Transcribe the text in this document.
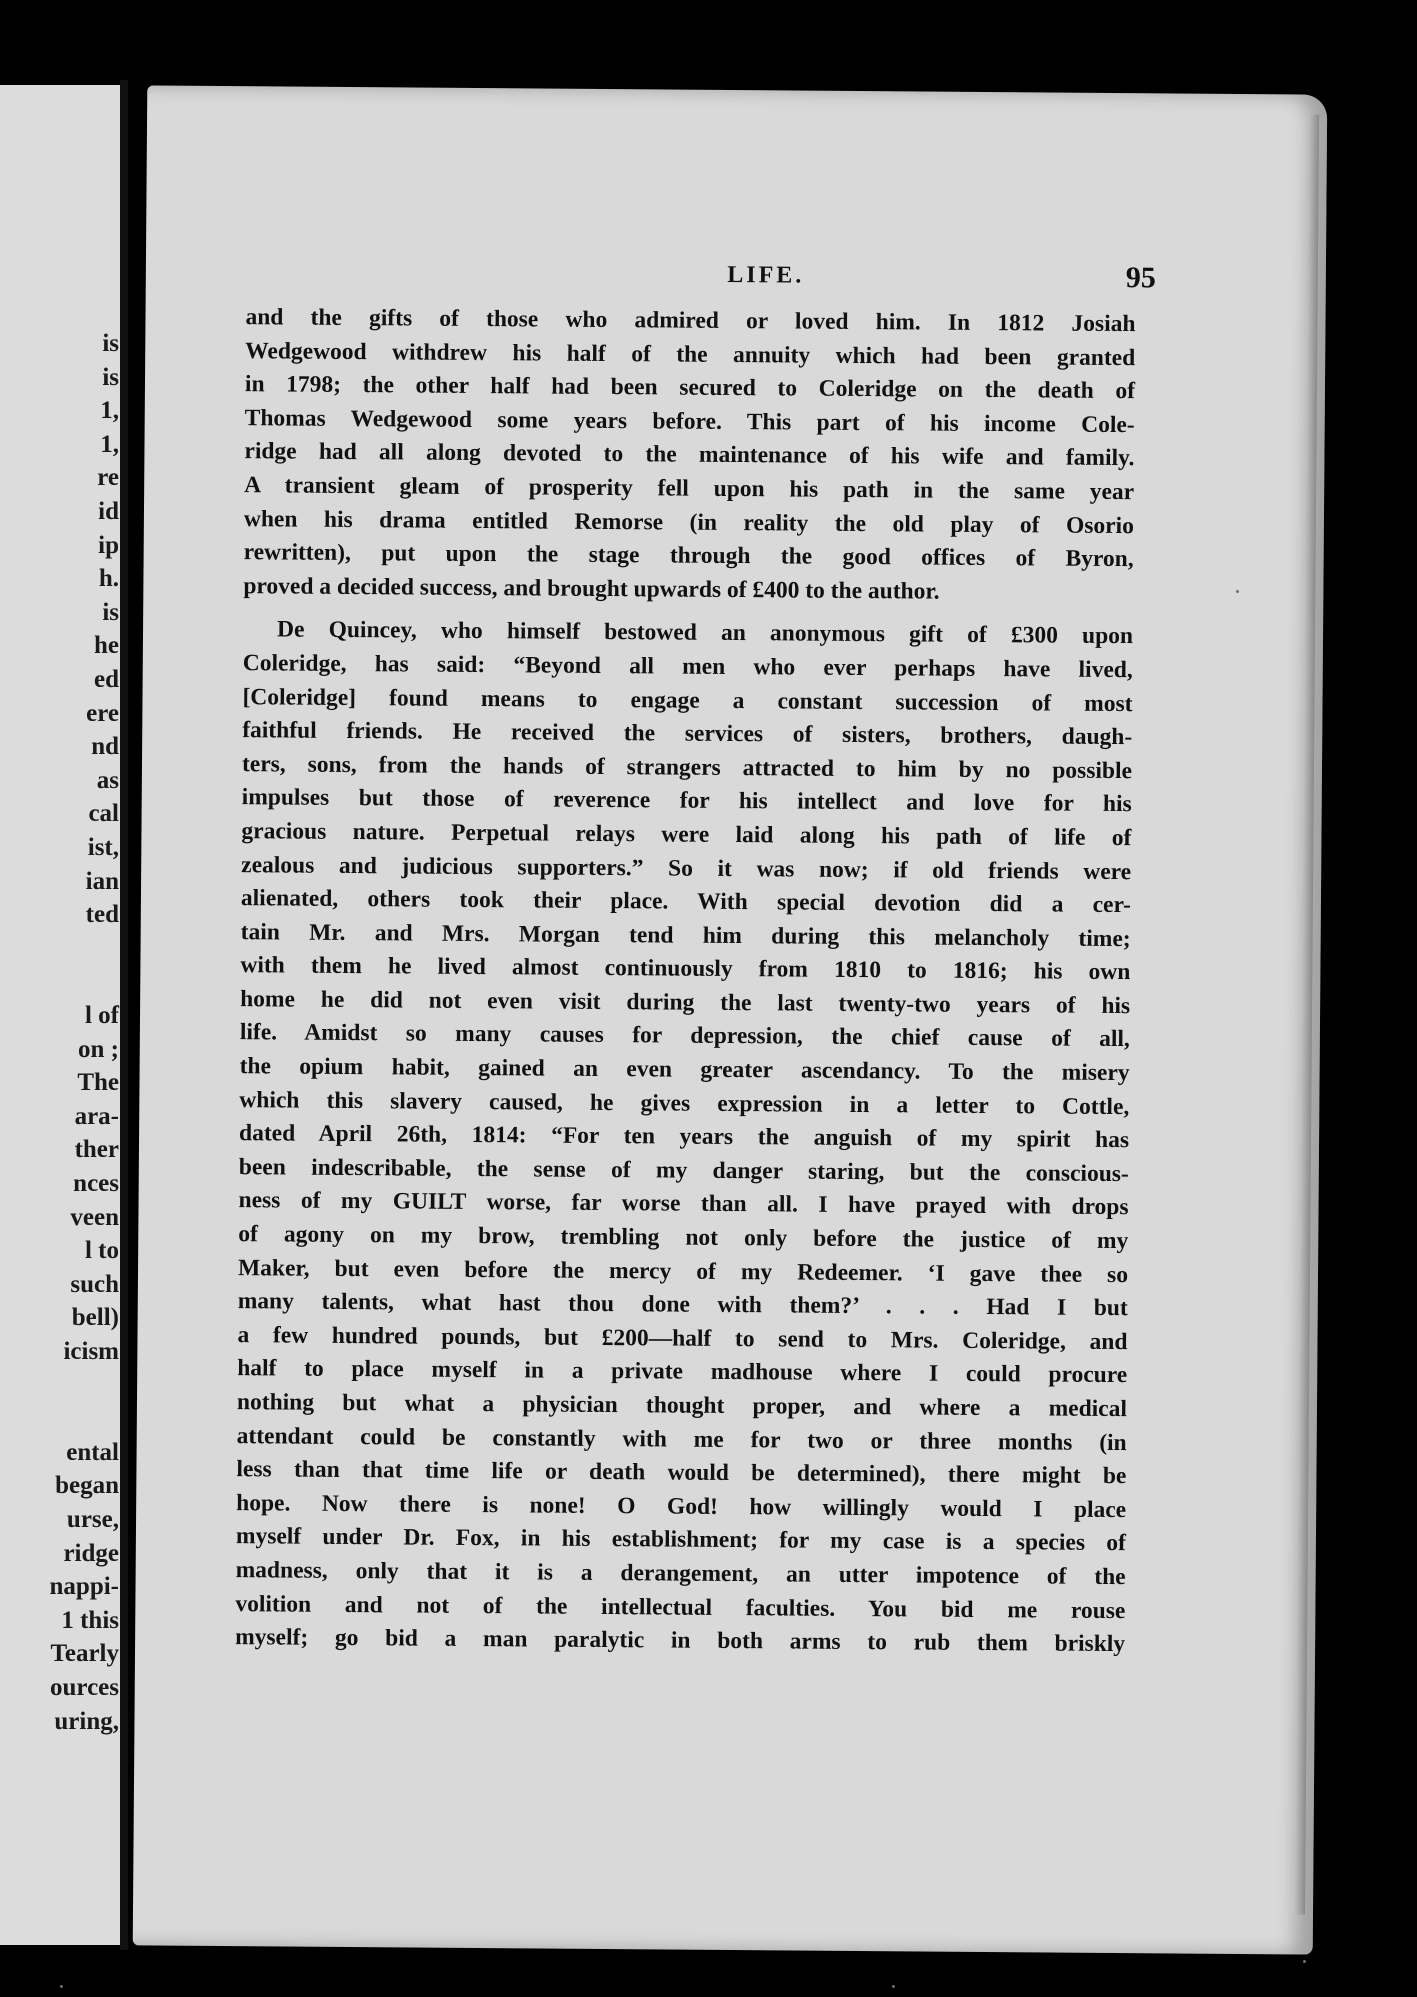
is
is
1,
1,
re
id
ip
h.
is
he
ed
ere
nd
as
cal
ist,
ian
ted
l of
on ;
The
ara-
ther
nces
veen
l to
such
bell)
icism
ental
began
urse,
ridge
nappi-
1 this
Tearly
ources
uring,
LIFE.	95
and the gifts of those who admired or loved him. In 1812 Josiah
Wedgewood withdrew his half of the annuity which had been granted
in 1798; the other half had been secured to Coleridge on the death of
Thomas Wedgewood some years before. This part of his income Cole-
ridge had all along devoted to the maintenance of his wife and family.
A transient gleam of prosperity fell upon his path in the same year
when his drama entitled Remorse (in reality the old play of Osorio
rewritten), put upon the stage through the good offices of Byron,
proved a decided success, and brought upwards of £400 to the author.
De Quincey, who himself bestowed an anonymous gift of £300 upon
Coleridge, has said: “Beyond all men who ever perhaps have lived,
[Coleridge] found means to engage a constant succession of most
faithful friends. He received the services of sisters, brothers, daugh-
ters, sons, from the hands of strangers attracted to him by no possible
impulses but those of reverence for his intellect and love for his
gracious nature. Perpetual relays were laid along his path of life of
zealous and judicious supporters.” So it was now; if old friends were
alienated, others took their place. With special devotion did a cer-
tain Mr. and Mrs. Morgan tend him during this melancholy time;
with them he lived almost continuously from 1810 to 1816; his own
home he did not even visit during the last twenty-two years of his
life. Amidst so many causes for depression, the chief cause of all,
the opium habit, gained an even greater ascendancy. To the misery
which this slavery caused, he gives expression in a letter to Cottle,
dated April 26th, 1814: “For ten years the anguish of my spirit has
been indescribable, the sense of my danger staring, but the conscious-
ness of my GUILT worse, far worse than all. I have prayed with drops
of agony on my brow, trembling not only before the justice of my
Maker, but even before the mercy of my Redeemer. ‘I gave thee so
many talents, what hast thou done with them?’ . . . Had I but
a few hundred pounds, but £200—half to send to Mrs. Coleridge, and
half to place myself in a private madhouse where I could procure
nothing but what a physician thought proper, and where a medical
attendant could be constantly with me for two or three months (in
less than that time life or death would be determined), there might be
hope. Now there is none! O God! how willingly would I place
myself under Dr. Fox, in his establishment; for my case is a species of
madness, only that it is a derangement, an utter impotence of the
volition and not of the intellectual faculties. You bid me rouse
myself; go bid a man paralytic in both arms to rub them briskly
